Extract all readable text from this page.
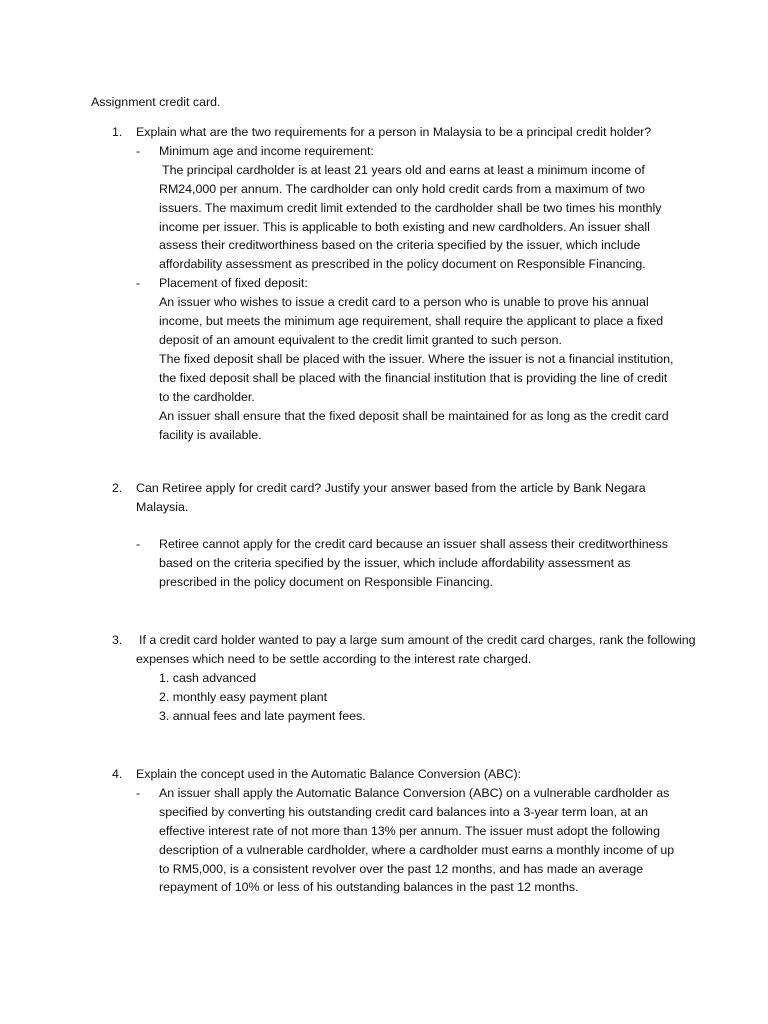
Assignment credit card.

1. Explain what are the two requirements for a person in Malaysia to be a principal credit holder?

- Minimum age and income requirement:

The principal cardholder is at least 21 years old and earns at least a minimum income of RM24,000 per annum. The cardholder can only hold credit cards from a maximum of two issuers. The maximum credit limit extended to the cardholder shall be two times his monthly income per issuer. This is applicable to both existing and new cardholders. An issuer shall assess their creditworthiness based on the criteria specified by the issuer, which include affordability assessment as prescribed in the policy document on Responsible Financing.

- Placement of fixed deposit:

An issuer who wishes to issue a credit card to a person who is unable to prove his annual income, but meets the minimum age requirement, shall require the applicant to place a fixed deposit of an amount equivalent to the credit limit granted to such person.

The fixed deposit shall be placed with the issuer. Where the issuer is not a financial institution, the fixed deposit shall be placed with the financial institution that is providing the line of credit to the cardholder.

An issuer shall ensure that the fixed deposit shall be maintained for as long as the credit card facility is available.

2. Can Retiree apply for credit card? Justify your answer based from the article by Bank Negara Malaysia.

- Retiree cannot apply for the credit card because an issuer shall assess their creditworthiness based on the criteria specified by the issuer, which include affordability assessment as prescribed in the policy document on Responsible Financing.

3. If a credit card holder wanted to pay a large sum amount of the credit card charges, rank the following expenses which need to be settle according to the interest rate charged.

1. cash advanced

2. monthly easy payment plant

3. annual fees and late payment fees.

4. Explain the concept used in the Automatic Balance Conversion (ABC):

- An issuer shall apply the Automatic Balance Conversion (ABC) on a vulnerable cardholder as specified by converting his outstanding credit card balances into a 3-year term loan, at an effective interest rate of not more than 13% per annum. The issuer must adopt the following description of a vulnerable cardholder, where a cardholder must earns a monthly income of up to RM5,000, is a consistent revolver over the past 12 months, and has made an average repayment of 10% or less of his outstanding balances in the past 12 months.
